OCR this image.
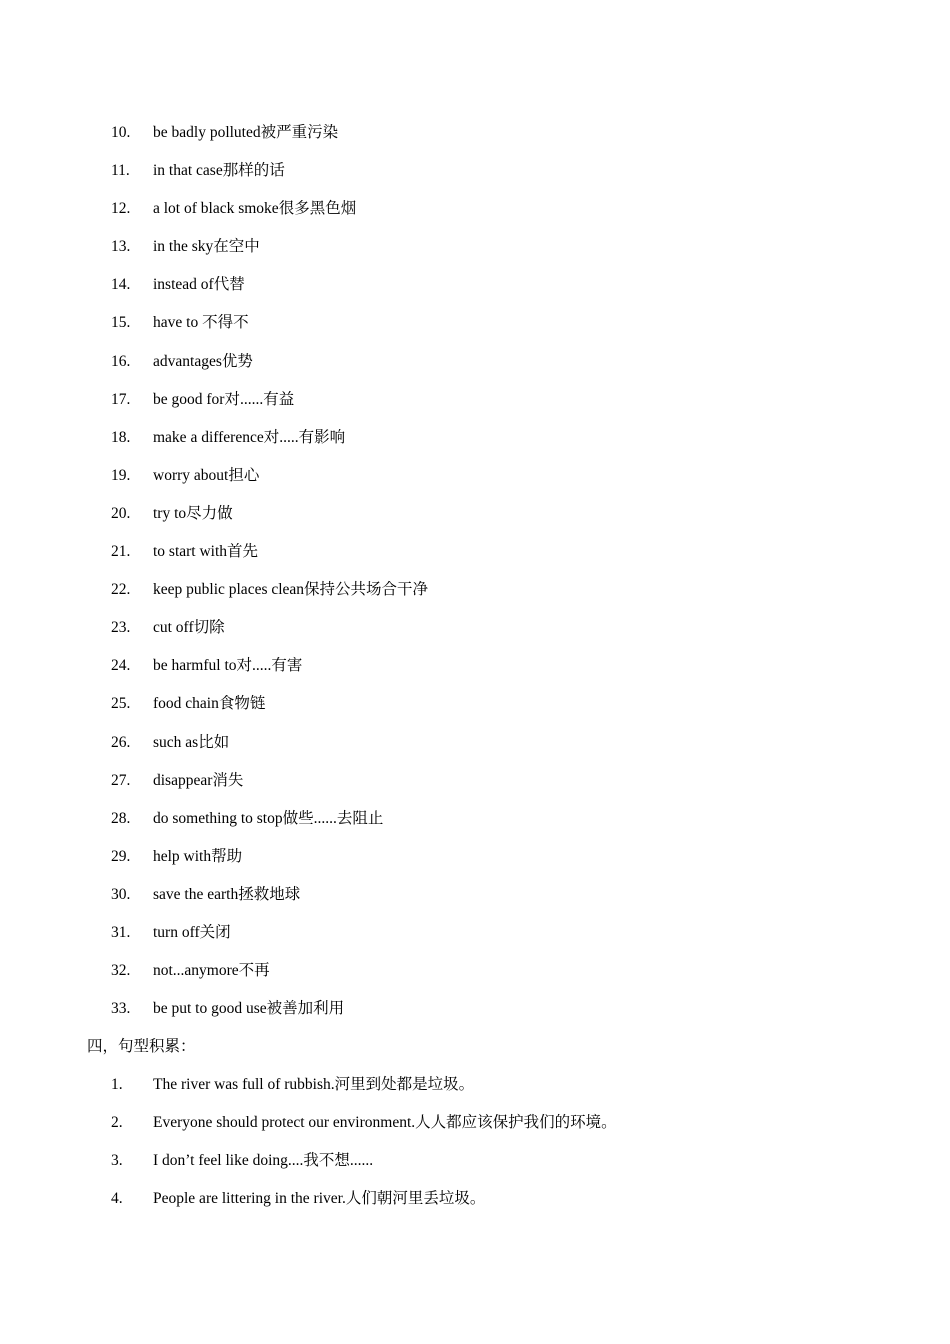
10. be badly polluted被严重污染
11. in that case那样的话
12. a lot of black smoke很多黑色烟
13. in the sky在空中
14. instead of代替
15. have to 不得不
16. advantages优势
17. be good for对......有益
18. make a difference对.....有影响
19. worry about担心
20. try to尽力做
21. to start with首先
22. keep public places clean保持公共场合干净
23. cut off切除
24. be harmful to对.....有害
25. food chain食物链
26. such as比如
27. disappear消失
28. do something to stop做些......去阻止
29. help with帮助
30. save the earth拯救地球
31. turn off关闭
32. not...anymore不再
33. be put to good use被善加利用
四，句型积累：
1. The river was full of rubbish.河里到处都是垃圾。
2. Everyone should protect our environment.人人都应该保护我们的环境。
3. I don’t feel like doing....我不想......
4. People are littering in the river.人们朝河里丢垃圾。
